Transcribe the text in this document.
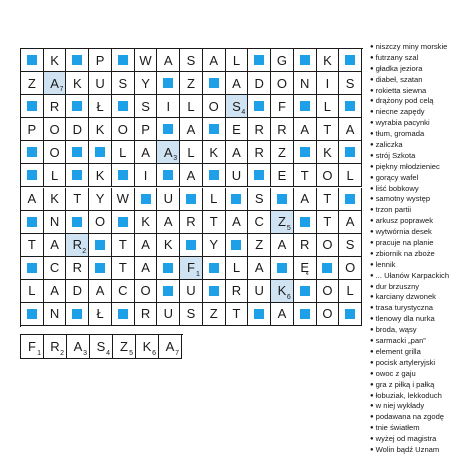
K	P	W A S A L	G	K
Z A 7 K U S Y	Z	A D O N I S
R	Ł	S I L O S 4	F	L
P O D K O P	A	E R R A T A
O	L A A 3 L K A R Z	K
L	K	I	A	U	E T O L
A K T Y W	U	L	S	A T
N	O	K A R T A C Z 5	T A
T A R 2	T A K	Y	Z A R O S
C R	T A	F 1	L A	Ę	O
L A D A C O	U	R U K 6 O L
N	Ł	R U S Z T	A	O
F 1 R 2 A 3 S 4 Z 5 K 6 A 7
● niszczy miny morskie
● futrzany szal
● gładka jeziora
● diabeł, szatan
● rokietta siewna
● drążony pod celą
● niecne zapędy
● wyrabia pacynki
● tłum, gromada
● zaliczka
● strój Szkota
● piękny młodzieniec
● gorący wafel
● liść bobkowy
● samotny występ
● trzon partii
● arkusz poprawek
● wytwórnia desek
● pracuje na planie
● zbiornik na zboże
● lennik
● ... Ułanów Karpackich
● dur brzuszny
● karciany dzwonek
● trasa turystyczna
● tlenowy dla nurka
● broda, wąsy
● sarmacki „pan”
● element grilla
● pocisk artyleryjski
● owoc z gaju
● gra z piłką i pałką
● łobuziak, lekkoduch
● w niej wykłady
● podawana na zgodę
● tnie światłem
● wyżej od magistra
● Wolin bądź Uznam
